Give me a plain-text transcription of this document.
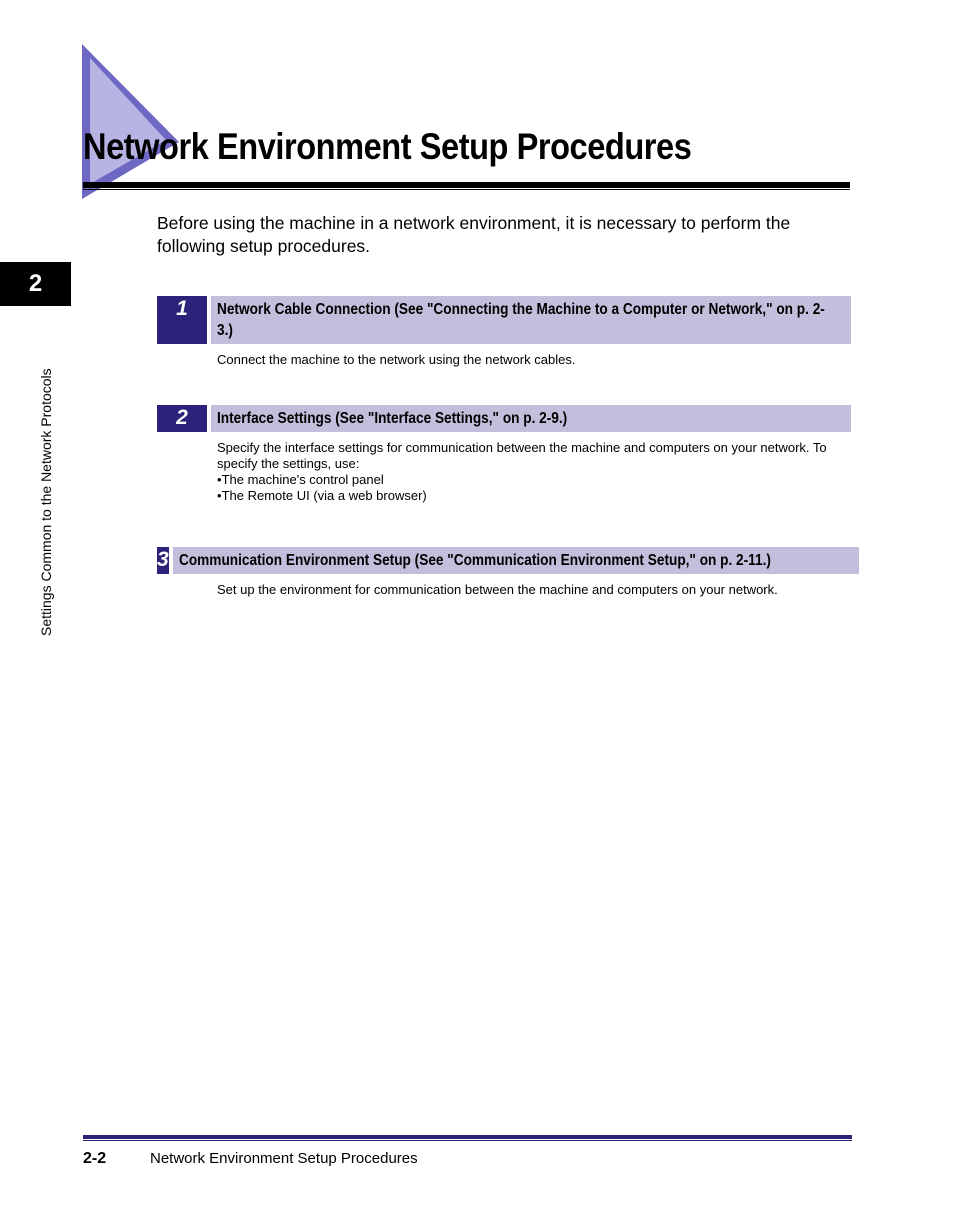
Network Environment Setup Procedures
2
Settings Common to the Network Protocols

Before using the machine in a network environment, it is necessary to perform the following setup procedures.

1	Network Cable Connection (See "Connecting the Machine to a Computer or Network," on p. 2-3.)

Connect the machine to the network using the network cables.

2	Interface Settings (See "Interface Settings," on p. 2-9.)

Specify the interface settings for communication between the machine and computers on your network. To specify the settings, use:

• The machine's control panel

• The Remote UI (via a web browser)

3 Communication Environment Setup (See "Communication Environment Setup," on p. 2-11.)

Set up the environment for communication between the machine and computers on your network.

2-2	Network Environment Setup Procedures
